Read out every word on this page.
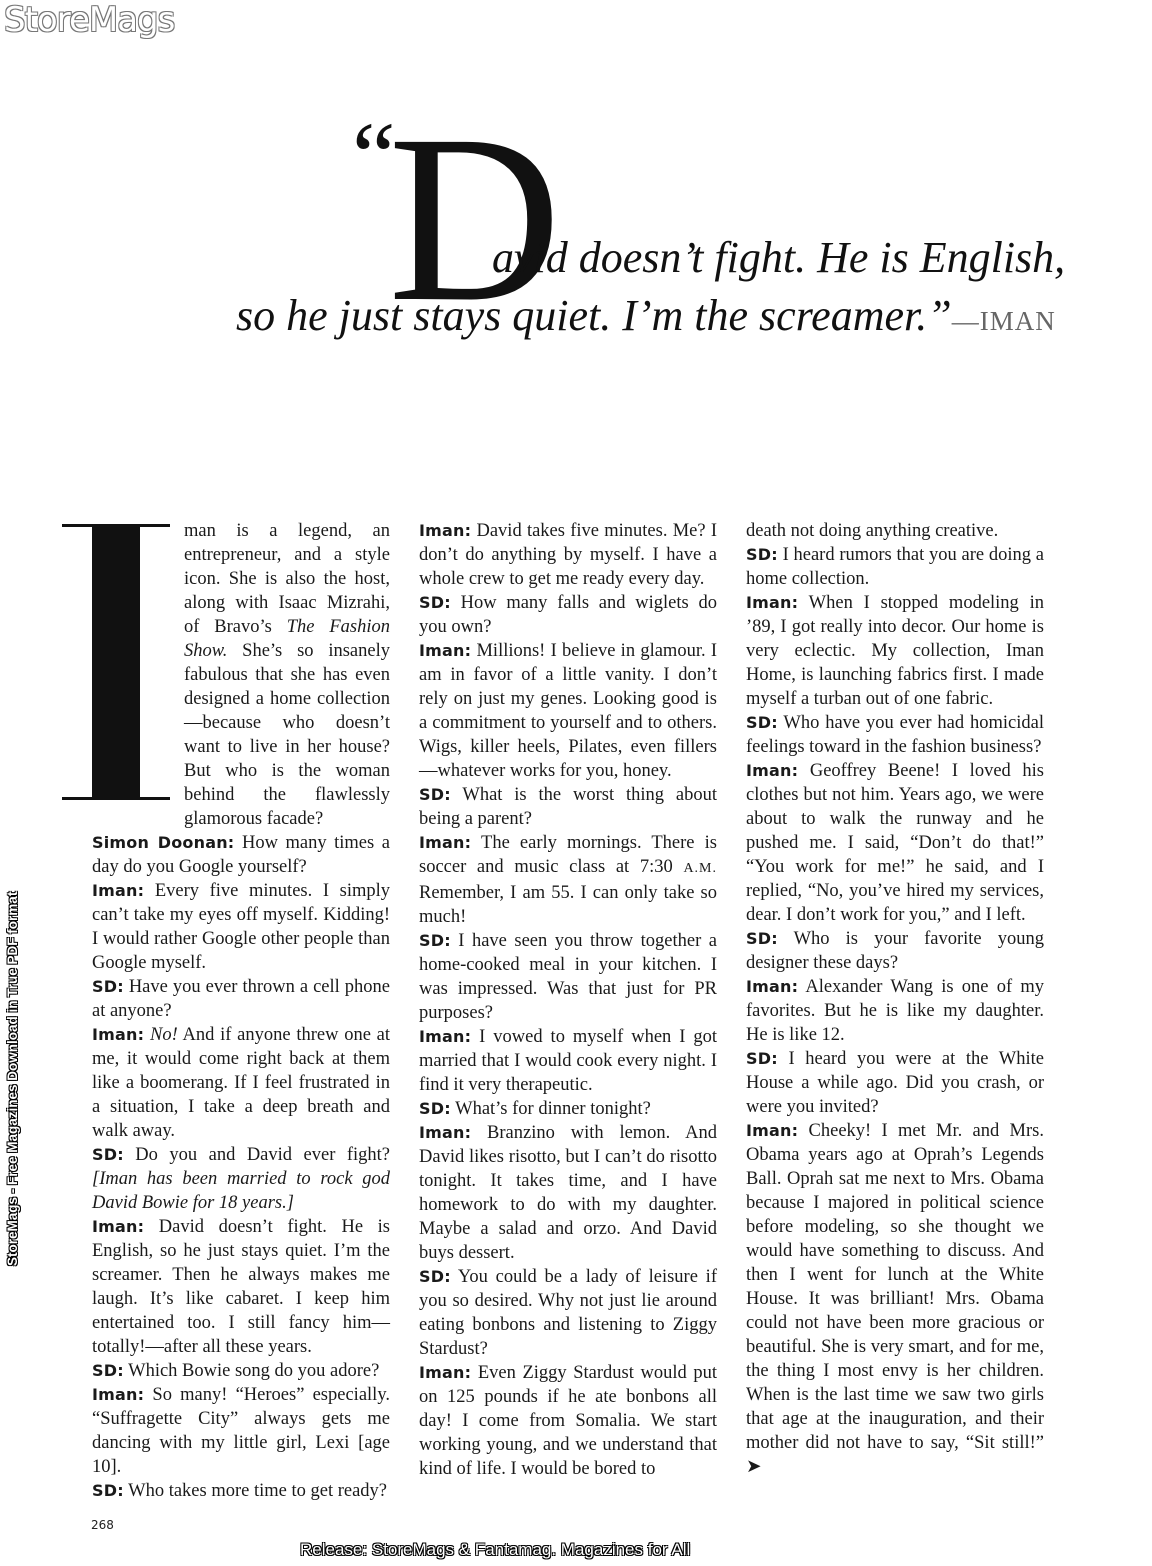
StoreMags
StoreMags - Free Magazines Download in True PDF format
“
D
avid doesn’t fight. He is English,
so he just stays quiet. I’m the screamer.”—IMAN
man is a legend, an entrepreneur, and a style icon. She is also the host, along with Isaac Mizrahi, of Bravo’s The Fashion Show. She’s so insanely fabulous that she has even designed a home collection—because who doesn’t want to live in her house? But who is the woman behind the flawlessly glamorous facade?

Simon Doonan: How many times a day do you Google yourself?

Iman: Every five minutes. I simply can’t take my eyes off myself. Kidding! I would rather Google other people than Google myself.

SD: Have you ever thrown a cell phone at anyone?

Iman: No! And if anyone threw one at me, it would come right back at them like a boomerang. If I feel frustrated in a situation, I take a deep breath and walk away.

SD: Do you and David ever fight? [Iman has been married to rock god David Bowie for 18 years.]

Iman: David doesn’t fight. He is English, so he just stays quiet. I’m the screamer. Then he always makes me laugh. It’s like cabaret. I keep him entertained too. I still fancy him—totally!—after all these years.

SD: Which Bowie song do you adore?

Iman: So many! “Heroes” especially. “Suffragette City” always gets me dancing with my little girl, Lexi [age 10].

SD: Who takes more time to get ready?

Iman: David takes five minutes. Me? I don’t do anything by myself. I have a whole crew to get me ready every day.

SD: How many falls and wiglets do you own?

Iman: Millions! I believe in glamour. I am in favor of a little vanity. I don’t rely on just my genes. Looking good is a commitment to yourself and to others. Wigs, killer heels, Pilates, even fillers—whatever works for you, honey.

SD: What is the worst thing about being a parent?

Iman: The early mornings. There is soccer and music class at 7:30 A.M. Remember, I am 55. I can only take so much!

SD: I have seen you throw together a home-cooked meal in your kitchen. I was impressed. Was that just for PR purposes?

Iman: I vowed to myself when I got married that I would cook every night. I find it very therapeutic.

SD: What’s for dinner tonight?

Iman: Branzino with lemon. And David likes risotto, but I can’t do risotto tonight. It takes time, and I have homework to do with my daughter. Maybe a salad and orzo. And David buys dessert.

SD: You could be a lady of leisure if you so desired. Why not just lie around eating bonbons and listening to Ziggy Stardust?

Iman: Even Ziggy Stardust would put on 125 pounds if he ate bonbons all day! I come from Somalia. We start working young, and we understand that kind of life. I would be bored to

death not doing anything creative.

SD: I heard rumors that you are doing a home collection.

Iman: When I stopped modeling in ’89, I got really into decor. Our home is very eclectic. My collection, Iman Home, is launching fabrics first. I made myself a turban out of one fabric.

SD: Who have you ever had homicidal feelings toward in the fashion business?

Iman: Geoffrey Beene! I loved his clothes but not him. Years ago, we were about to walk the runway and he pushed me. I said, “Don’t do that!” “You work for me!” he said, and I replied, “No, you’ve hired my services, dear. I don’t work for you,” and I left.

SD: Who is your favorite young designer these days?

Iman: Alexander Wang is one of my favorites. But he is like my daughter. He is like 12.

SD: I heard you were at the White House a while ago. Did you crash, or were you invited?

Iman: Cheeky! I met Mr. and Mrs. Obama years ago at Oprah’s Legends Ball. Oprah sat me next to Mrs. Obama because I majored in political science before modeling, so she thought we would have something to discuss. And then I went for lunch at the White House. It was brilliant! Mrs. Obama could not have been more gracious or beautiful. She is very smart, and for me, the thing I most envy is her children. When is the last time we saw two girls that age at the inauguration, and their mother did not have to say, “Sit still!” ➤

268
Release: StoreMags & Fantamag. Magazines for All
